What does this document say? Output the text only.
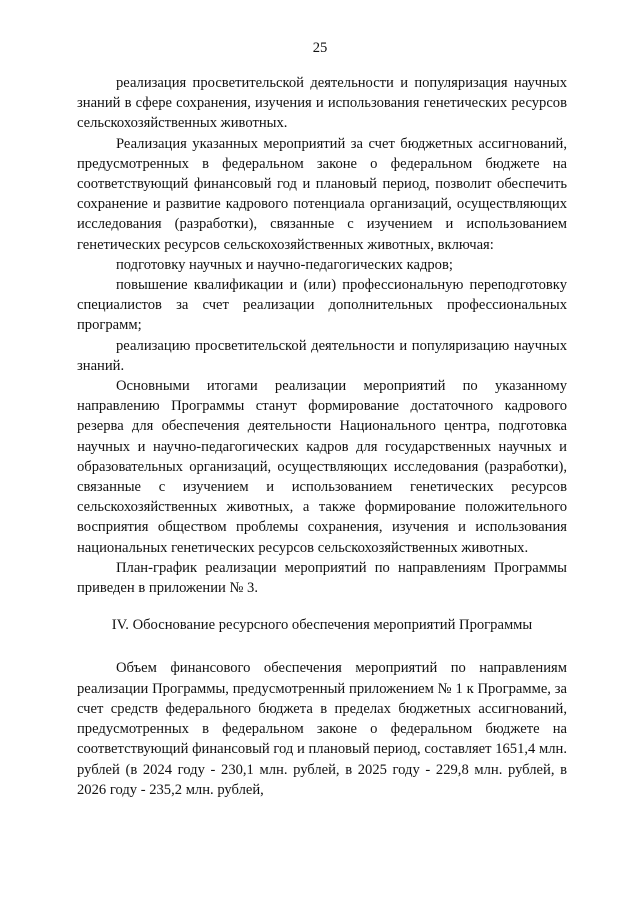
25

реализация просветительской деятельности и популяризация научных знаний в сфере сохранения, изучения и использования генетических ресурсов сельскохозяйственных животных.

Реализация указанных мероприятий за счет бюджетных ассигнований, предусмотренных в федеральном законе о федеральном бюджете на соответствующий финансовый год и плановый период, позволит обеспечить сохранение и развитие кадрового потенциала организаций, осуществляющих исследования (разработки), связанные с изучением и использованием генетических ресурсов сельскохозяйственных животных, включая:

подготовку научных и научно-педагогических кадров;

повышение квалификации и (или) профессиональную переподготовку специалистов за счет реализации дополнительных профессиональных программ;

реализацию просветительской деятельности и популяризацию научных знаний.

Основными итогами реализации мероприятий по указанному направлению Программы станут формирование достаточного кадрового резерва для обеспечения деятельности Национального центра, подготовка научных и научно-педагогических кадров для государственных научных и образовательных организаций, осуществляющих исследования (разработки), связанные с изучением и использованием генетических ресурсов сельскохозяйственных животных, а также формирование положительного восприятия обществом проблемы сохранения, изучения и использования национальных генетических ресурсов сельскохозяйственных животных.

План-график реализации мероприятий по направлениям Программы приведен в приложении № 3.

IV. Обоснование ресурсного обеспечения мероприятий Программы

Объем финансового обеспечения мероприятий по направлениям реализации Программы, предусмотренный приложением № 1 к Программе, за счет средств федерального бюджета в пределах бюджетных ассигнований, предусмотренных в федеральном законе о федеральном бюджете на соответствующий финансовый год и плановый период, составляет 1651,4 млн. рублей (в 2024 году - 230,1 млн. рублей, в 2025 году - 229,8 млн. рублей, в 2026 году - 235,2 млн. рублей,
